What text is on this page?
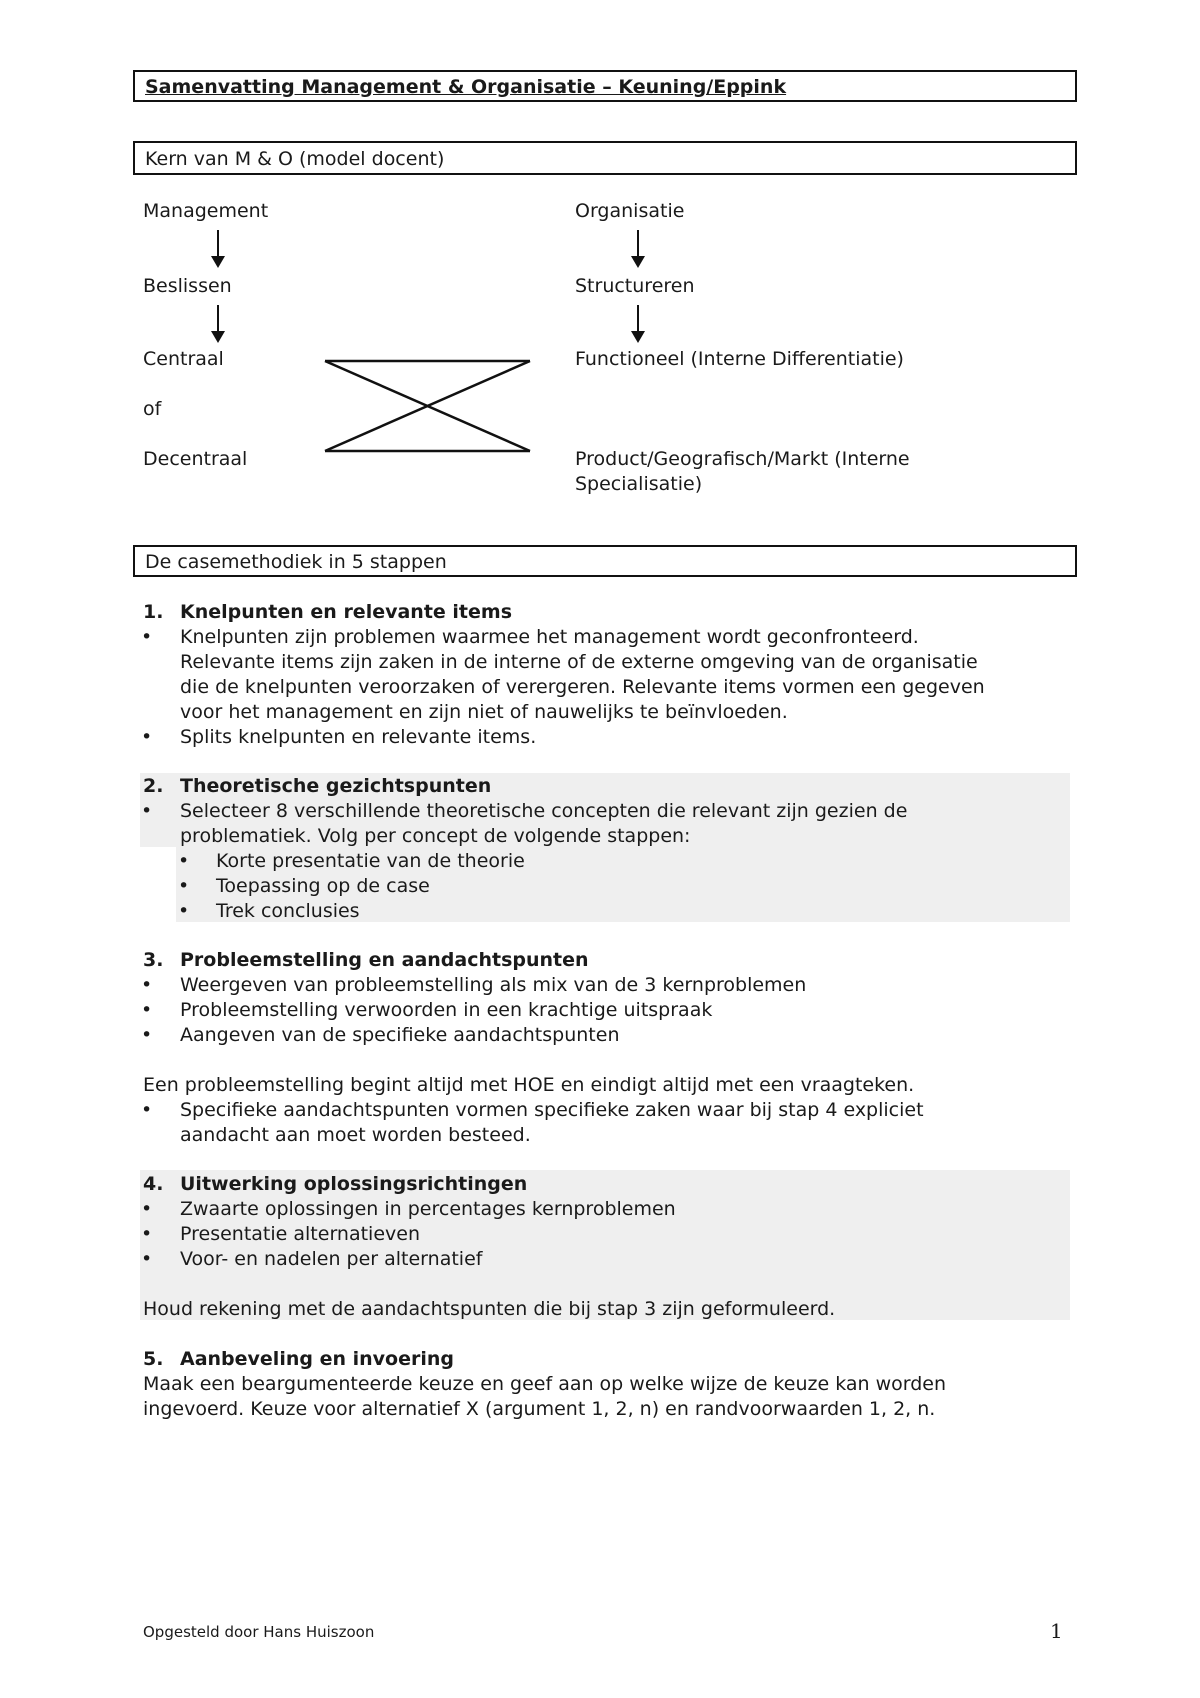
Samenvatting Management & Organisatie – Keuning/Eppink
Kern van M & O (model docent)
Management
Beslissen
Centraal
of
Decentraal
Organisatie
Structureren
Functioneel (Interne Differentiatie)
Product/Geografisch/Markt (Interne
Specialisatie)
De casemethodiek in 5 stappen
1. Knelpunten en relevante items
• Knelpunten zijn problemen waarmee het management wordt geconfronteerd.
Relevante items zijn zaken in de interne of de externe omgeving van de organisatie
die de knelpunten veroorzaken of verergeren. Relevante items vormen een gegeven
voor het management en zijn niet of nauwelijks te beïnvloeden.
• Splits knelpunten en relevante items.
2. Theoretische gezichtspunten
• Selecteer 8 verschillende theoretische concepten die relevant zijn gezien de
problematiek. Volg per concept de volgende stappen:
• Korte presentatie van de theorie
• Toepassing op de case
• Trek conclusies
3. Probleemstelling en aandachtspunten
• Weergeven van probleemstelling als mix van de 3 kernproblemen
• Probleemstelling verwoorden in een krachtige uitspraak
• Aangeven van de specifieke aandachtspunten
Een probleemstelling begint altijd met HOE en eindigt altijd met een vraagteken.
• Specifieke aandachtspunten vormen specifieke zaken waar bij stap 4 expliciet
aandacht aan moet worden besteed.
4. Uitwerking oplossingsrichtingen
• Zwaarte oplossingen in percentages kernproblemen
• Presentatie alternatieven
• Voor- en nadelen per alternatief
Houd rekening met de aandachtspunten die bij stap 3 zijn geformuleerd.
5. Aanbeveling en invoering
Maak een beargumenteerde keuze en geef aan op welke wijze de keuze kan worden
ingevoerd. Keuze voor alternatief X (argument 1, 2, n) en randvoorwaarden 1, 2, n.
Opgesteld door Hans Huiszoon	1
